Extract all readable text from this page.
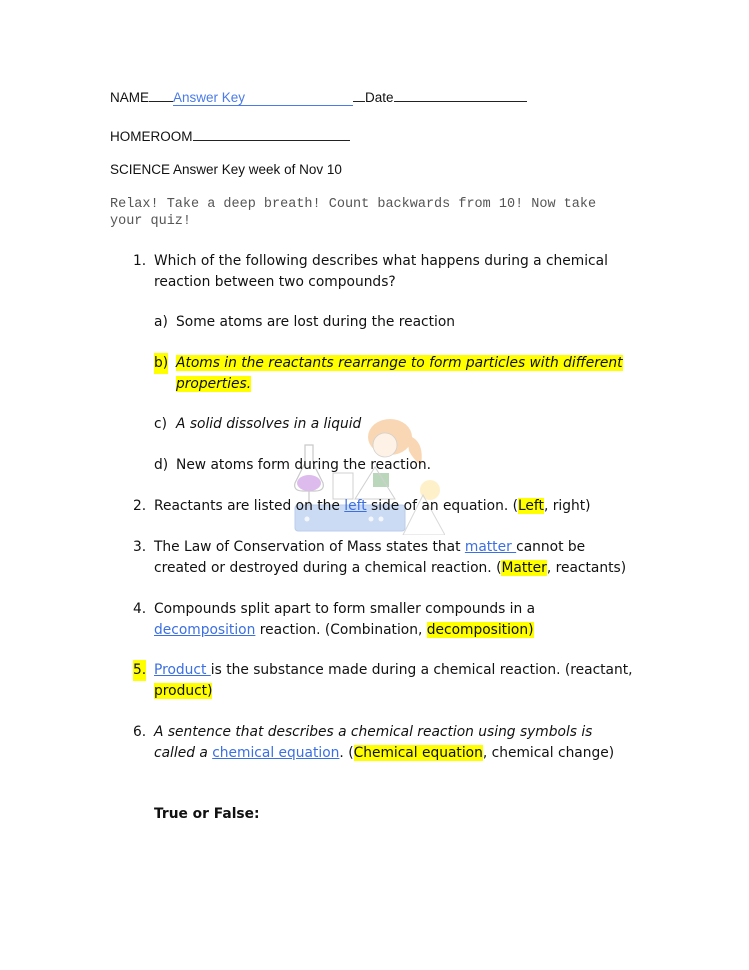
NAME Answer Key	Date
HOMEROOM
SCIENCE Answer Key week of Nov 10
Relax! Take a deep breath! Count backwards from 10! Now take your quiz!
1. Which of the following describes what happens during a chemical reaction between two compounds?
a) Some atoms are lost during the reaction
b) Atoms in the reactants rearrange to form particles with different properties.
c) A solid dissolves in a liquid
d) New atoms form during the reaction.
2. Reactants are listed on the left side of an equation. (Left, right)
3. The Law of Conservation of Mass states that matter cannot be created or destroyed during a chemical reaction. (Matter, reactants)
4. Compounds split apart to form smaller compounds in a decomposition reaction. (Combination, decomposition)
5. Product is the substance made during a chemical reaction. (reactant, product)
6. A sentence that describes a chemical reaction using symbols is called a chemical equation. (Chemical equation, chemical change)
True or False:
